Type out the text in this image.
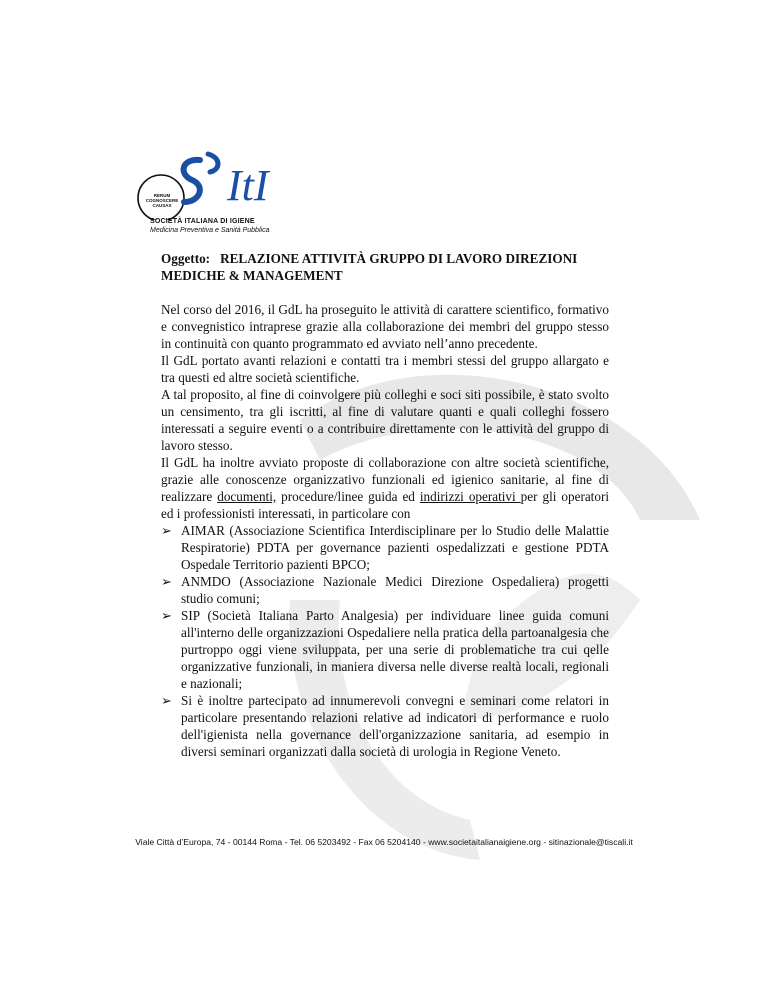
ItI
RERUM
COGNOSCERE
CAUSAS
SOCIETÀ ITALIANA DI IGIENE
Medicina Preventiva e Sanità Pubblica
Oggetto: RELAZIONE ATTIVITÀ GRUPPO DI LAVORO DIREZIONI MEDICHE & MANAGEMENT

Nel corso del 2016, il GdL ha proseguito le attività di carattere scientifico, formativo e convegnistico intraprese grazie alla collaborazione dei membri del gruppo stesso in continuità con quanto programmato ed avviato nell’anno precedente.

Il GdL portato avanti relazioni e contatti tra i membri stessi del gruppo allargato e tra questi ed altre società scientifiche.

A tal proposito, al fine di coinvolgere più colleghi e soci siti possibile, è stato svolto un censimento, tra gli iscritti, al fine di valutare quanti e quali colleghi fossero interessati a seguire eventi o a contribuire direttamente con le attività del gruppo di lavoro stesso.

Il GdL ha inoltre avviato proposte di collaborazione con altre società scientifiche, grazie alle conoscenze organizzativo funzionali ed igienico sanitarie, al fine di realizzare documenti, procedure/linee guida ed indirizzi operativi per gli operatori ed i professionisti interessati, in particolare con

➢ AIMAR (Associazione Scientifica Interdisciplinare per lo Studio delle Malattie Respiratorie) PDTA per governance pazienti ospedalizzati e gestione PDTA Ospedale Territorio pazienti BPCO;
➢ ANMDO (Associazione Nazionale Medici Direzione Ospedaliera) progetti studio comuni;
➢ SIP (Società Italiana Parto Analgesia) per individuare linee guida comuni all'interno delle organizzazioni Ospedaliere nella pratica della partoanalgesia che purtroppo oggi viene sviluppata, per una serie di problematiche tra cui qelle organizzative funzionali, in maniera diversa nelle diverse realtà locali, regionali e nazionali;
➢ Si è inoltre partecipato ad innumerevoli convegni e seminari come relatori in particolare presentando relazioni relative ad indicatori di performance e ruolo dell'igienista nella governance dell'organizzazione sanitaria, ad esempio in diversi seminari organizzati dalla società di urologia in Regione Veneto.
Viale Città d’Europa, 74 - 00144 Roma - Tel. 06 5203492 - Fax 06 5204140 - www.societaitalianaigiene.org - sitinazionale@tiscali.it
